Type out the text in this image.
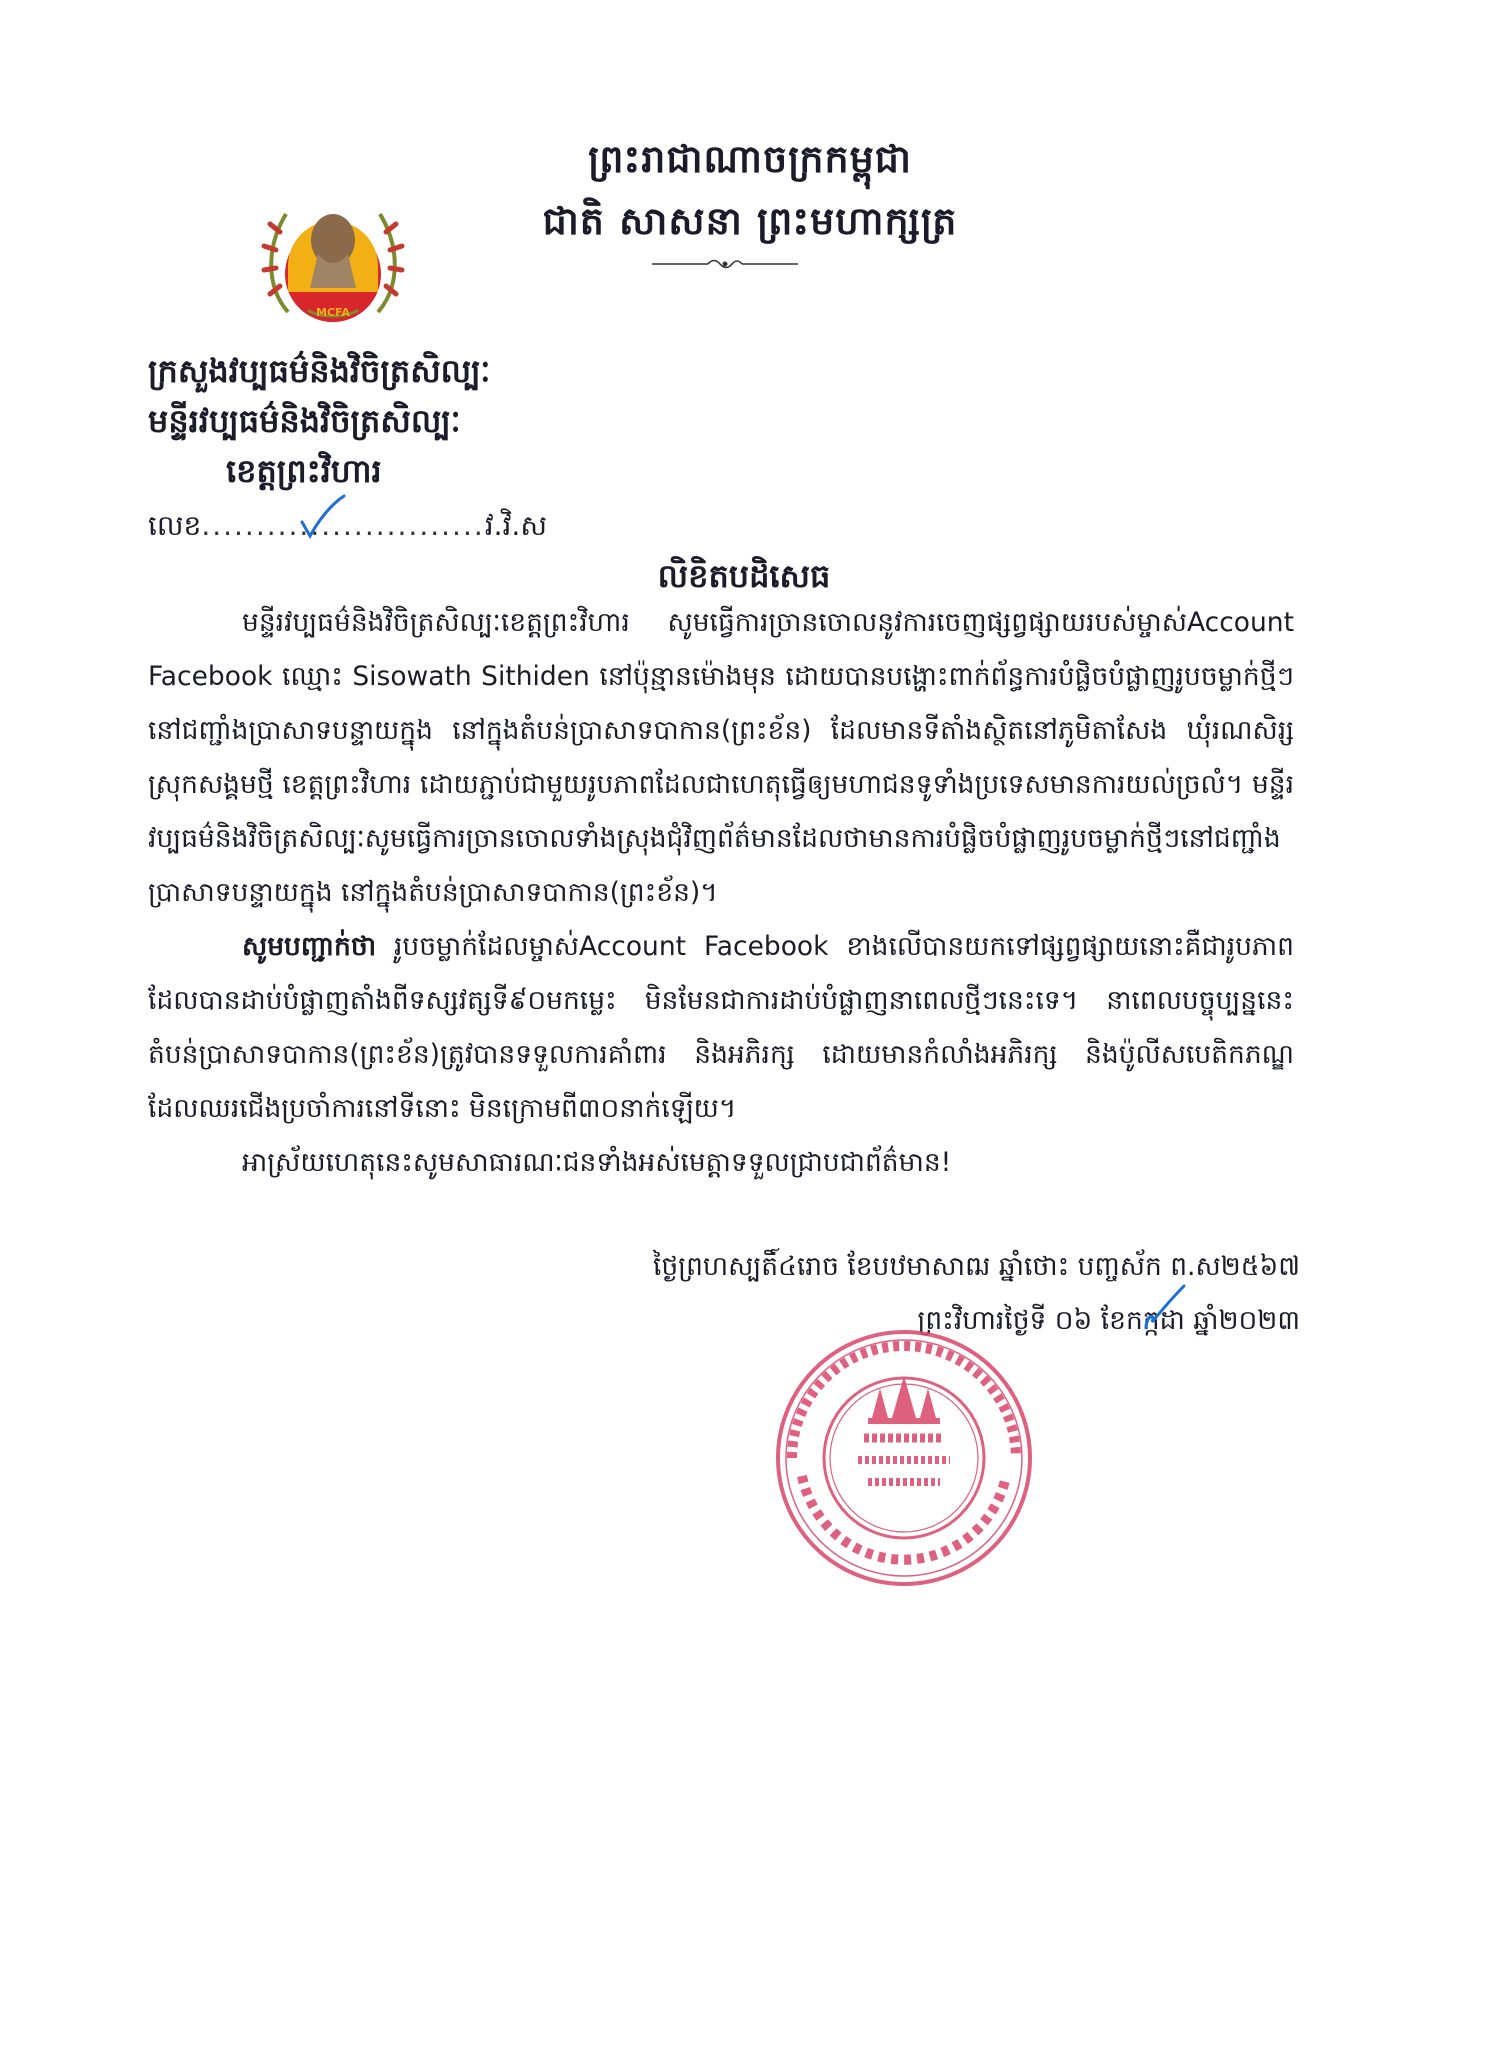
MCFA
ព្រះរាជាណាចក្រកម្ពុជា
ជាតិ សាសនា ព្រះមហាក្សត្រ
ក្រសួងវប្បធម៌និងវិចិត្រសិល្បៈ
មន្ទីរវប្បធម៌និងវិចិត្រសិល្បៈ
ខេត្តព្រះវិហារ
លេខ..........................វ.វិ.ស
លិខិតបដិសេធ

មន្ទីរវប្បធម៌និងវិចិត្រសិល្បៈខេត្តព្រះវិហារ សូមធ្វើការច្រានចោលនូវការចេញផ្សព្វផ្សាយរបស់ម្ចាស់Account Facebook ឈ្មោះ Sisowath Sithiden នៅប៉ុន្មានម៉ោងមុន ដោយបានបង្ហោះពាក់ព័ន្ធការបំផ្លិចបំផ្លាញរូបចម្លាក់ថ្មីៗនៅជញ្ជាំងប្រាសាទបន្ទាយក្នុង នៅក្នុងតំបន់ប្រាសាទបាកាន(ព្រះខ័ន) ដែលមានទីតាំងស្ថិតនៅភូមិតាសែង ឃុំរណសិរ្ស ស្រុកសង្គមថ្មី ខេត្តព្រះវិហារ ដោយភ្ជាប់ជាមួយរូបភាពដែលជាហេតុធ្វើឲ្យមហាជនទូទាំងប្រទេសមានការយល់ច្រលំ។ មន្ទីរវប្បធម៌និងវិចិត្រសិល្បៈសូមធ្វើការច្រានចោលទាំងស្រុងជុំវិញព័ត៌មានដែលថាមានការបំផ្លិចបំផ្លាញរូបចម្លាក់ថ្មីៗនៅជញ្ជាំងប្រាសាទបន្ទាយក្នុង នៅក្នុងតំបន់ប្រាសាទបាកាន(ព្រះខ័ន)។

សូមបញ្ជាក់ថា រូបចម្លាក់ដែលម្ចាស់Account Facebook ខាងលើបានយកទៅផ្សព្វផ្សាយនោះគឺជារូបភាពដែលបានដាប់បំផ្លាញតាំងពីទស្សវត្សទី៩០មកម្លេះ មិនមែនជាការដាប់បំផ្លាញនាពេលថ្មីៗនេះទេ។ នាពេលបច្ចុប្បន្ននេះតំបន់ប្រាសាទបាកាន(ព្រះខ័ន)ត្រូវបានទទួលការគាំពារ និងអភិរក្ស ដោយមានកំលាំងអភិរក្ស និងប៉ូលីសបេតិកភណ្ឌ ដែលឈរជើងប្រចាំការនៅទីនោះ មិនក្រោមពី៣០នាក់ឡើយ។

អាស្រ័យហេតុនេះសូមសាធារណៈជនទាំងអស់មេត្តាទទួលជ្រាបជាព័ត៌មាន!

ថ្ងៃព្រហស្បតិ៍៤រោច ខែបឋមាសាឍ ឆ្នាំថោះ បញ្ចស័ក ព.ស២៥៦៧
ព្រះវិហារថ្ងៃទី ០៦ ខែកក្កដា ឆ្នាំ២០២៣
